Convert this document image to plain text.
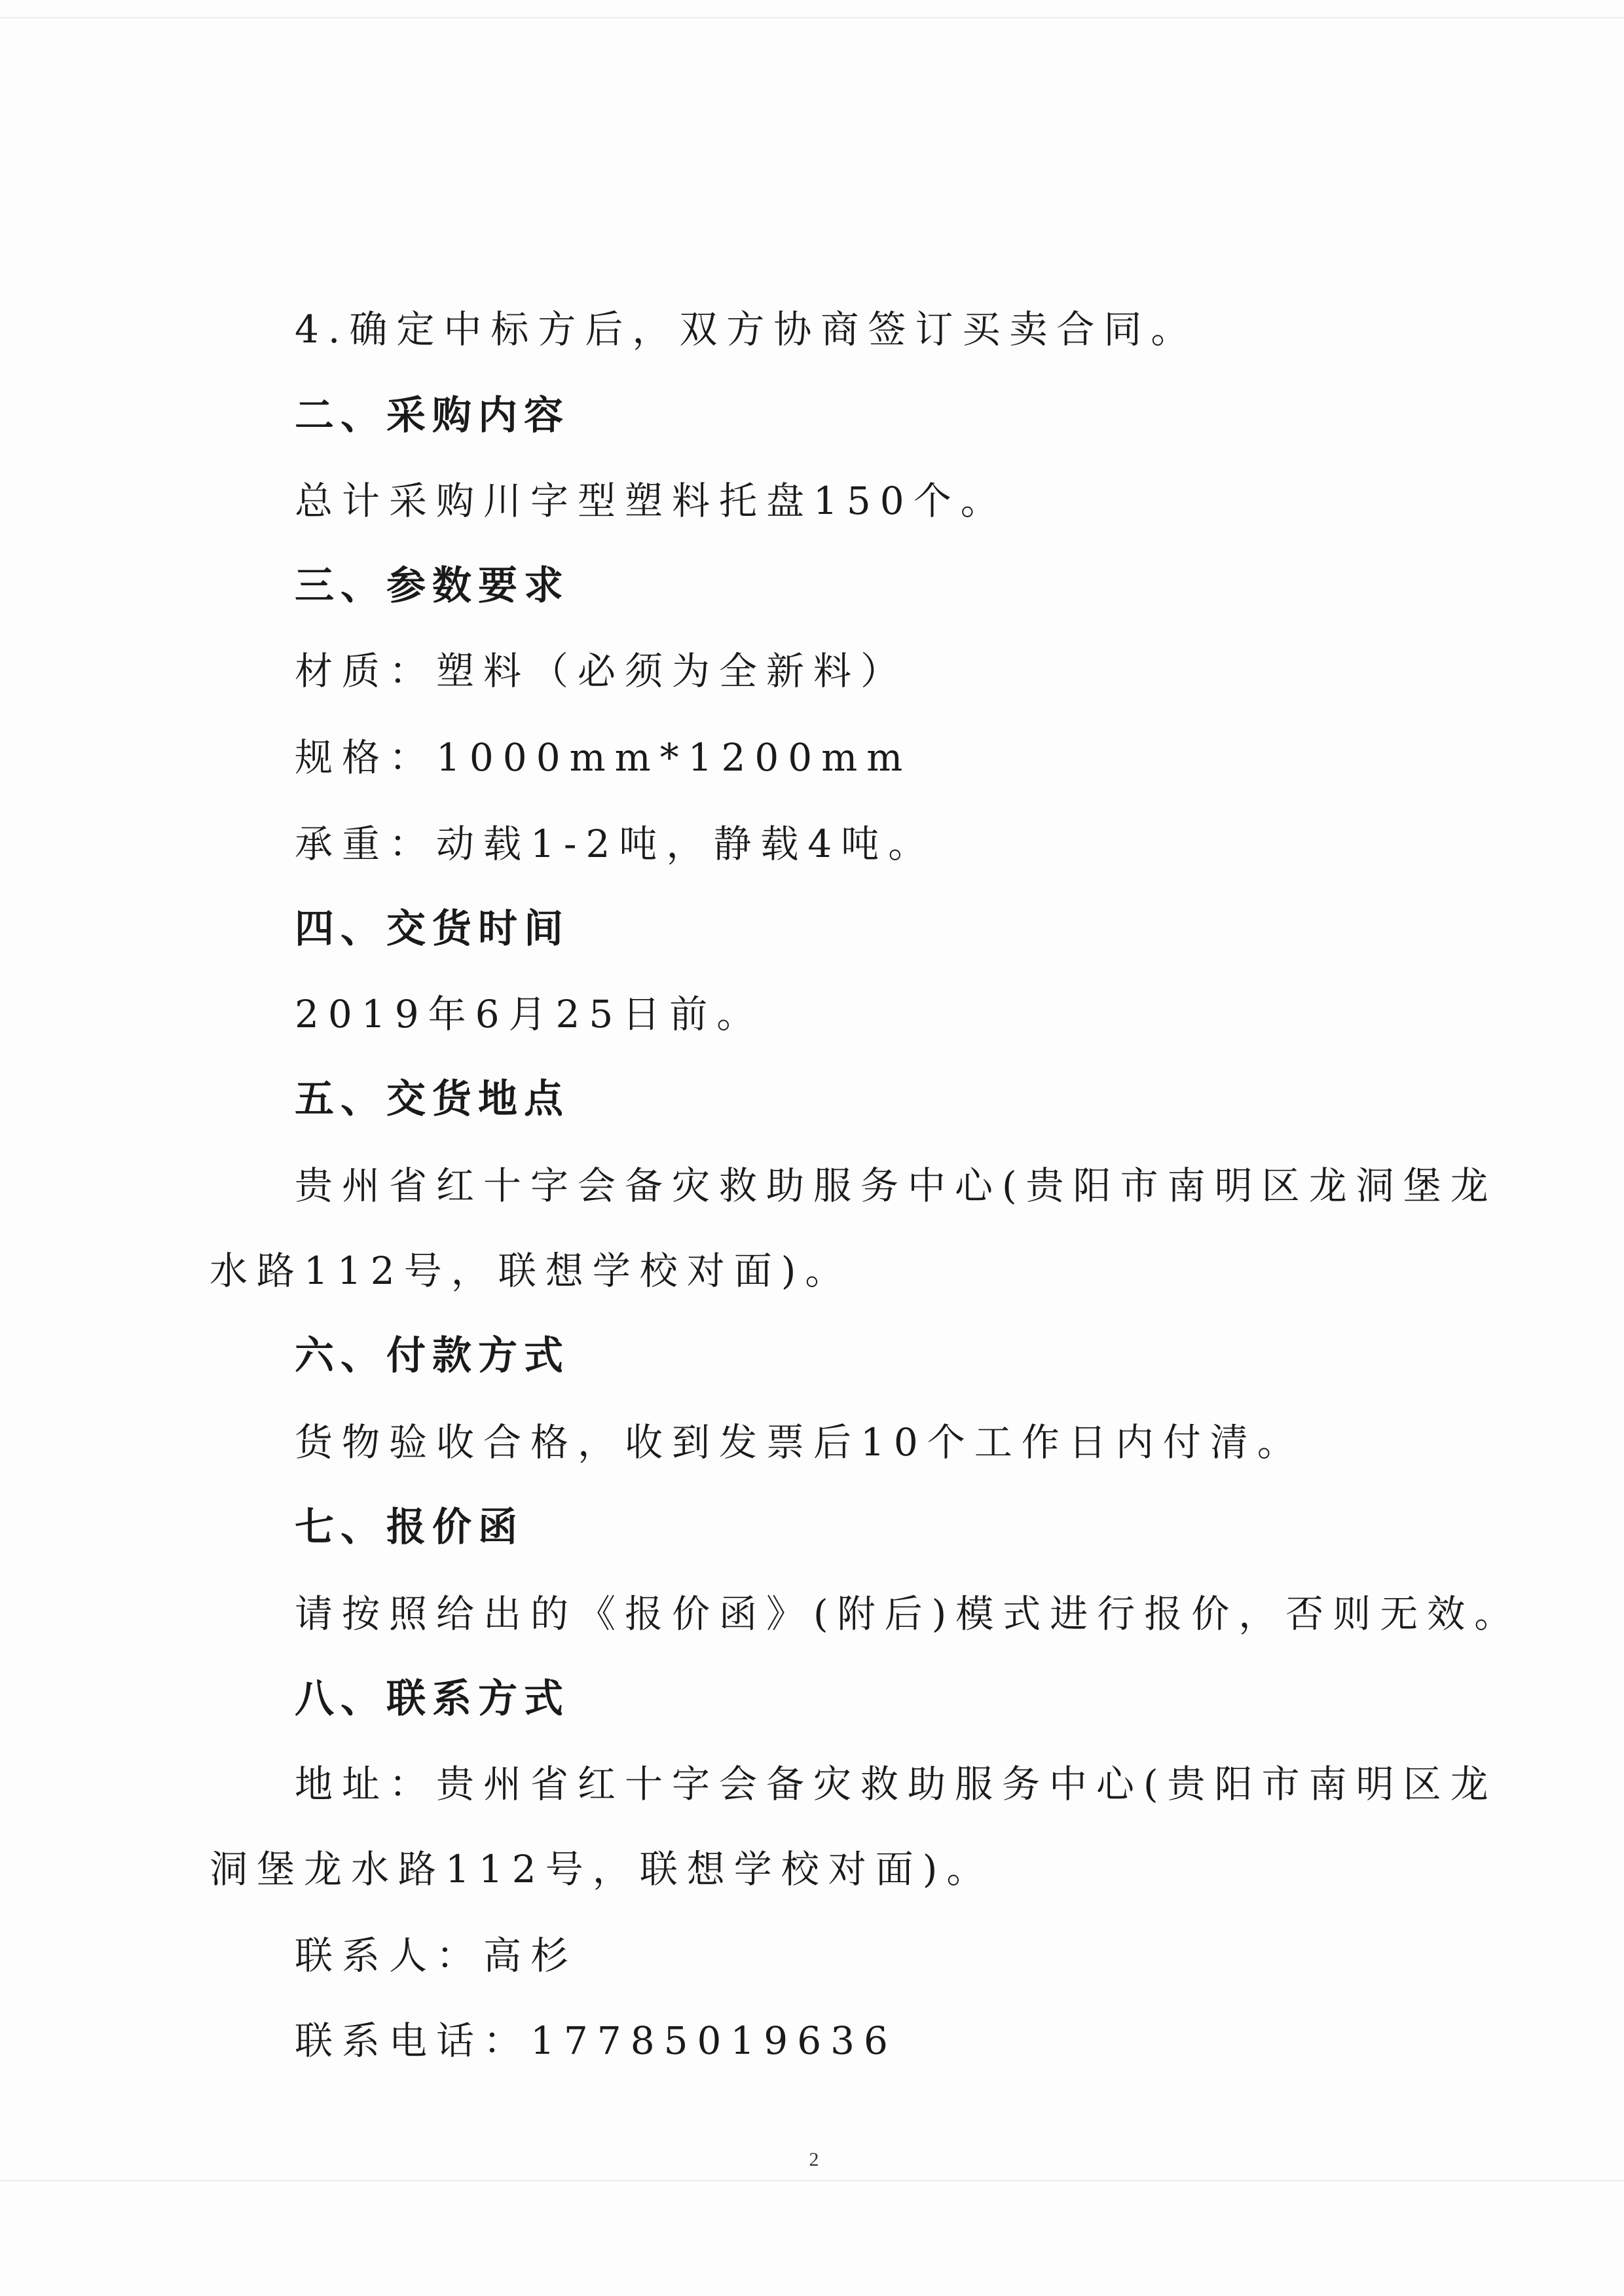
4.确定中标方后，双方协商签订买卖合同。
二、采购内容
总计采购川字型塑料托盘150个。
三、参数要求
材质：塑料（必须为全新料）
规格：1000mm*1200mm
承重：动载1-2吨，静载4吨。
四、交货时间
2019年6月25日前。
五、交货地点
贵州省红十字会备灾救助服务中心(贵阳市南明区龙洞堡龙
水路112号，联想学校对面)。
六、付款方式
货物验收合格，收到发票后10个工作日内付清。
七、报价函
请按照给出的《报价函》(附后)模式进行报价，否则无效。
八、联系方式
地址：贵州省红十字会备灾救助服务中心(贵阳市南明区龙
洞堡龙水路112号，联想学校对面)。
联系人：高杉
联系电话：17785019636
2
